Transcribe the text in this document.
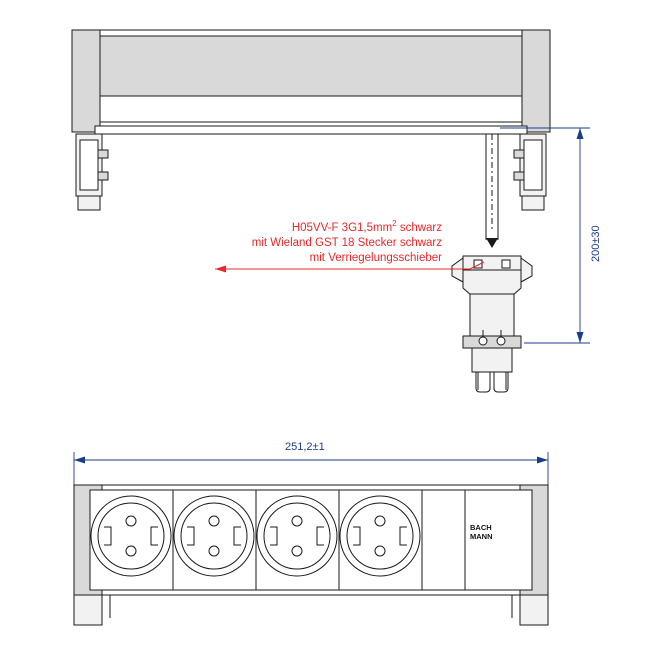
H05VV-F $3G1,5mm^2$ schwarz
mit Wieland GST 18 Stecker schwarz
mit Verriegelungsschieber	200±30
251,2±1
BACH
MANN
